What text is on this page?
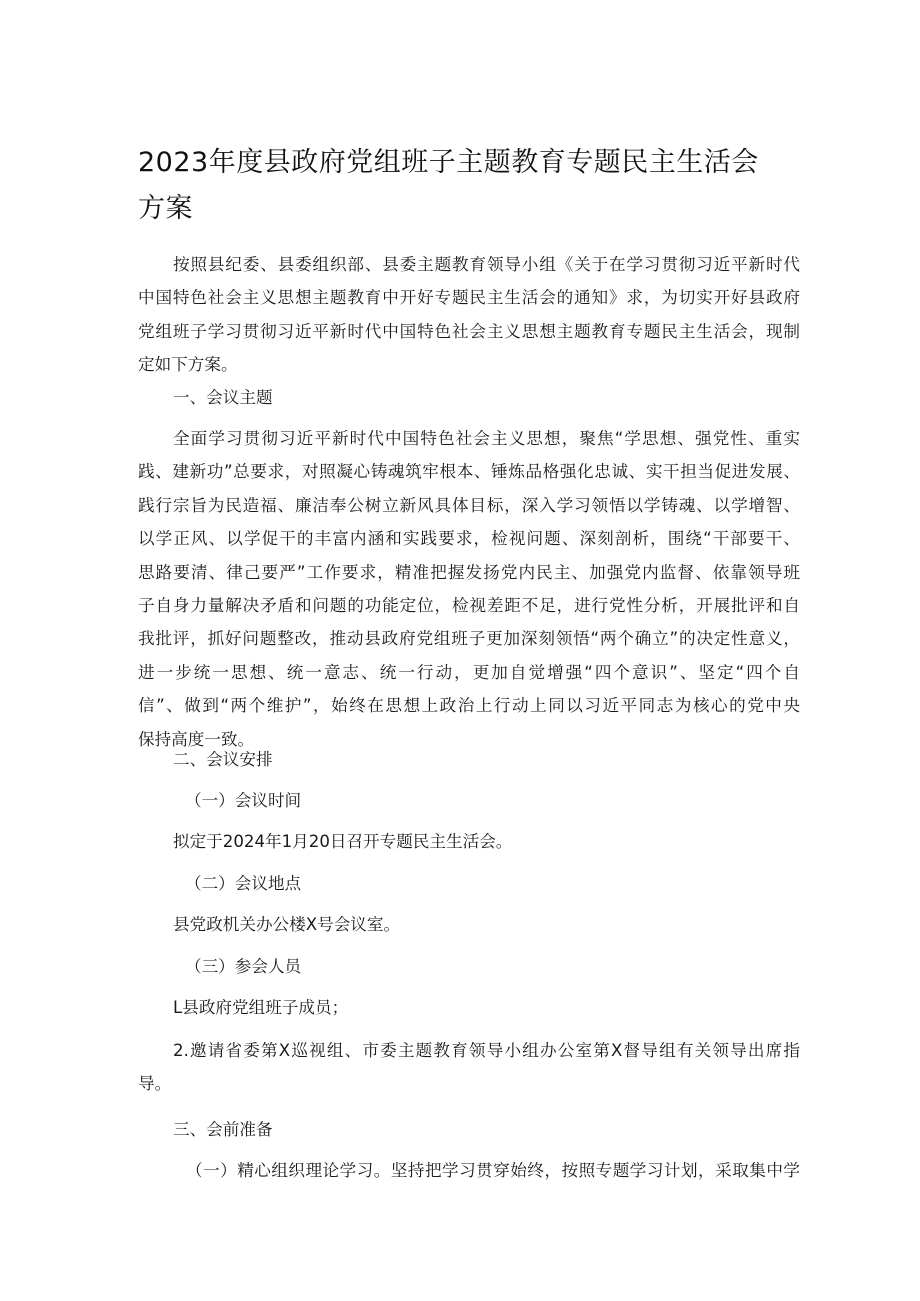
2023年度县政府党组班子主题教育专题民主生活会
方案
按照县纪委、县委组织部、县委主题教育领导小组《关于在学习贯彻习近平新时代
中国特色社会主义思想主题教育中开好专题民主生活会的通知》求，为切实开好县政府
党组班子学习贯彻习近平新时代中国特色社会主义思想主题教育专题民主生活会，现制
定如下方案。

一、会议主题

全面学习贯彻习近平新时代中国特色社会主义思想，聚焦“学思想、强党性、重实
践、建新功”总要求，对照凝心铸魂筑牢根本、锤炼品格强化忠诚、实干担当促进发展、
践行宗旨为民造福、廉洁奉公树立新风具体目标，深入学习领悟以学铸魂、以学增智、
以学正风、以学促干的丰富内涵和实践要求，检视问题、深刻剖析，围绕“干部要干、
思路要清、律己要严”工作要求，精准把握发扬党内民主、加强党内监督、依靠领导班
子自身力量解决矛盾和问题的功能定位，检视差距不足，进行党性分析，开展批评和自
我批评，抓好问题整改，推动县政府党组班子更加深刻领悟“两个确立”的决定性意义，
进一步统一思想、统一意志、统一行动，更加自觉增强“四个意识”、坚定“四个自
信”、做到“两个维护”，始终在思想上政治上行动上同以习近平同志为核心的党中央
保持高度一致。

二、会议安排

（一）会议时间

拟定于2024年1月20日召开专题民主生活会。

（二）会议地点

县党政机关办公楼X号会议室。

（三）参会人员

L县政府党组班子成员；

2.邀请省委第X巡视组、市委主题教育领导小组办公室第X督导组有关领导出席指
导。

三、会前准备

（一）精心组织理论学习。坚持把学习贯穿始终，按照专题学习计划，采取集中学
